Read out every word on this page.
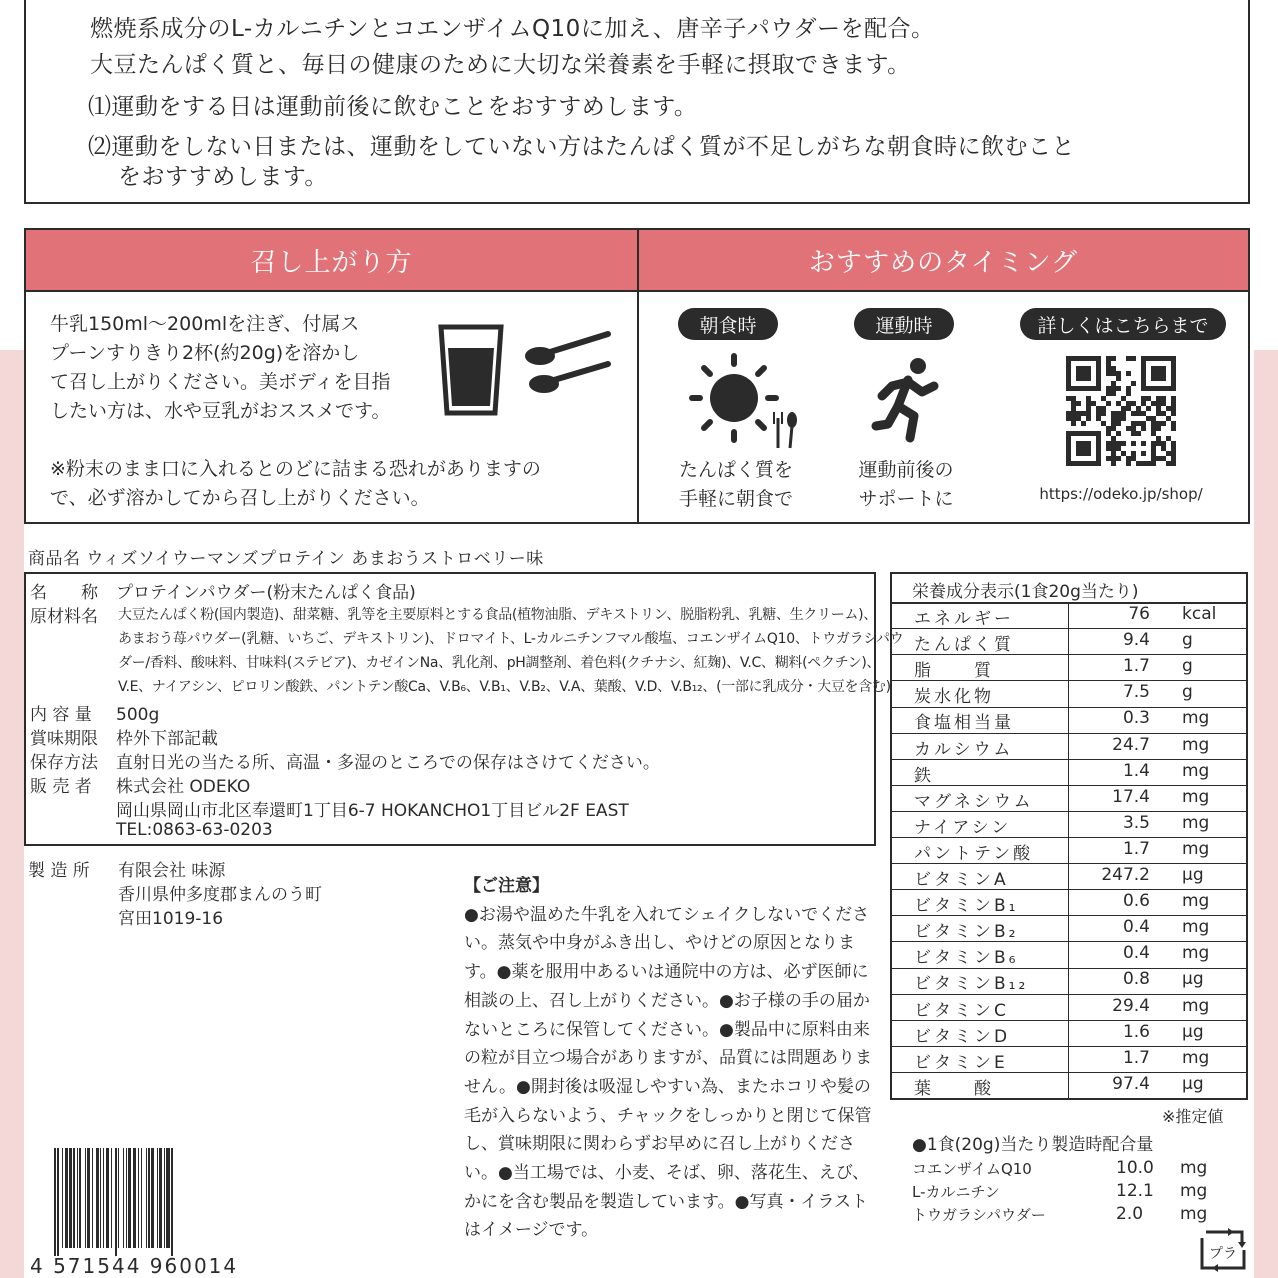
燃焼系成分のL-カルニチンとコエンザイムQ10に加え、唐辛子パウダーを配合。
大豆たんぱく質と、毎日の健康のために大切な栄養素を手軽に摂取できます。
⑴運動をする日は運動前後に飲むことをおすすめします。
⑵運動をしない日または、運動をしていない方はたんぱく質が不足しがちな朝食時に飲むこと
をおすすめします。
召し上がり方	おすすめのタイミング
牛乳150ml～200mlを注ぎ、付属ス
プーンすりきり2杯(約20g)を溶かし
て召し上がりください。美ボディを目指
したい方は、水や豆乳がおススメです。
※粉末のまま口に入れるとのどに詰まる恐れがありますの
で、必ず溶かしてから召し上がりください。
朝食時	運動時	詳しくはこちらまで
たんぱく質を
手軽に朝食で
運動前後の
サポートに	https://odeko.jp/shop/
商品名 ウィズソイウーマンズプロテイン あまおうストロベリー味
名　　称 プロテインパウダー(粉末たんぱく食品)
原材料名	大豆たんぱく粉(国内製造)、甜菜糖、乳等を主要原料とする食品(植物油脂、デキストリン、脱脂粉乳、乳糖、生クリーム)、
あまおう苺パウダー(乳糖、いちご、デキストリン)、ドロマイト、L-カルニチンフマル酸塩、コエンザイムQ10、トウガラシパウ
ダー/香料、酸味料、甘味料(ステビア)、カゼインNa、乳化剤、pH調整剤、着色料(クチナシ、紅麹)、V.C、糊料(ペクチン)、
V.E、ナイアシン、ピロリン酸鉄、パントテン酸Ca、V.B₆、V.B₁、V.B₂、V.A、葉酸、V.D、V.B₁₂、(一部に乳成分・大豆を含む)
内 容 量 500g
賞味期限 枠外下部記載
保存方法 直射日光の当たる所、高温・多湿のところでの保存はさけてください。
販 売 者 株式会社 ODEKO
岡山県岡山市北区奉還町1丁目6-7 HOKANCHO1丁目ビル2F EAST
TEL:0863-63-0203
製 造 所 有限会社 味源
香川県仲多度郡まんのう町
宮田1019-16
【ご注意】
●お湯や温めた牛乳を入れてシェイクしないでください。蒸気や中身がふき出し、やけどの原因となります。●薬を服用中あるいは通院中の方は、必ず医師に相談の上、召し上がりください。●お子様の手の届かないところに保管してください。●製品中に原料由来の粒が目立つ場合がありますが、品質には問題ありません。●開封後は吸湿しやすい為、またホコリや髪の毛が入らないよう、チャックをしっかりと閉じて保管し、賞味期限に関わらずお早めに召し上がりください。●当工場では、小麦、そば、卵、落花生、えび、かにを含む製品を製造しています。●写真・イラストはイメージです。
栄養成分表示(1食20g当たり)
エネルギー	76 kcal
たんぱく質	9.4 g
脂　　質	1.7 g
炭水化物	7.5 g
食塩相当量	0.3 mg
カルシウム	24.7 mg
鉄	1.4 mg
マグネシウム	17.4 mg
ナイアシン	3.5 mg
パントテン酸	1.7 mg
ビタミンA	247.2 μg
ビタミンB₁	0.6 mg
ビタミンB₂	0.4 mg
ビタミンB₆	0.4 mg
ビタミンB₁₂	0.8 μg
ビタミンC	29.4 mg
ビタミンD	1.6 μg
ビタミンE	1.7 mg
葉　　酸	97.4 μg
※推定値
●1食(20g)当たり製造時配合量
コエンザイムQ10	10.0 mg
L-カルニチン	12.1 mg
トウガラシパウダー	2.0 mg
4 571544 960014	プラ
